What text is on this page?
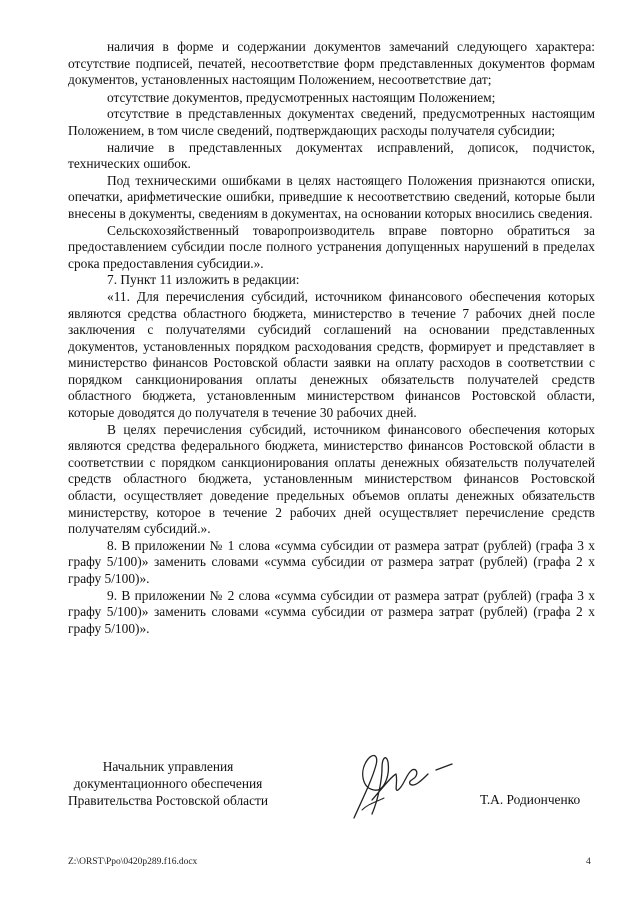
наличия в форме и содержании документов замечаний следующего характера: отсутствие подписей, печатей, несоответствие форм представленных документов формам документов, установленных настоящим Положением, несоответствие дат;

отсутствие документов, предусмотренных настоящим Положением;

отсутствие в представленных документах сведений, предусмотренных настоящим Положением, в том числе сведений, подтверждающих расходы получателя субсидии;

наличие в представленных документах исправлений, дописок, подчисток, технических ошибок.

Под техническими ошибками в целях настоящего Положения признаются описки, опечатки, арифметические ошибки, приведшие к несоответствию сведений, которые были внесены в документы, сведениям в документах, на основании которых вносились сведения.

Сельскохозяйственный товаропроизводитель вправе повторно обратиться за предоставлением субсидии после полного устранения допущенных нарушений в пределах срока предоставления субсидии.».

7. Пункт 11 изложить в редакции:

«11. Для перечисления субсидий, источником финансового обеспечения которых являются средства областного бюджета, министерство в течение 7 рабочих дней после заключения с получателями субсидий соглашений на основании представленных документов, установленных порядком расходования средств, формирует и представляет в министерство финансов Ростовской области заявки на оплату расходов в соответствии с порядком санкционирования оплаты денежных обязательств получателей средств областного бюджета, установленным министерством финансов Ростовской области, которые доводятся до получателя в течение 30 рабочих дней.

В целях перечисления субсидий, источником финансового обеспечения которых являются средства федерального бюджета, министерство финансов Ростовской области в соответствии с порядком санкционирования оплаты денежных обязательств получателей средств областного бюджета, установленным министерством финансов Ростовской области, осуществляет доведение предельных объемов оплаты денежных обязательств министерству, которое в течение 2 рабочих дней осуществляет перечисление средств получателям субсидий.».

8. В приложении № 1 слова «сумма субсидии от размера затрат (рублей) (графа 3 х графу 5/100)» заменить словами «сумма субсидии от размера затрат (рублей) (графа 2 х графу 5/100)».

9. В приложении № 2 слова «сумма субсидии от размера затрат (рублей) (графа 3 х графу 5/100)» заменить словами «сумма субсидии от размера затрат (рублей) (графа 2 х графу 5/100)».

Начальник управления
документационного обеспечения
Правительства Ростовской области	Т.А. Родионченко
Z:\ORST\Ppo\0420p289.f16.docx	4
